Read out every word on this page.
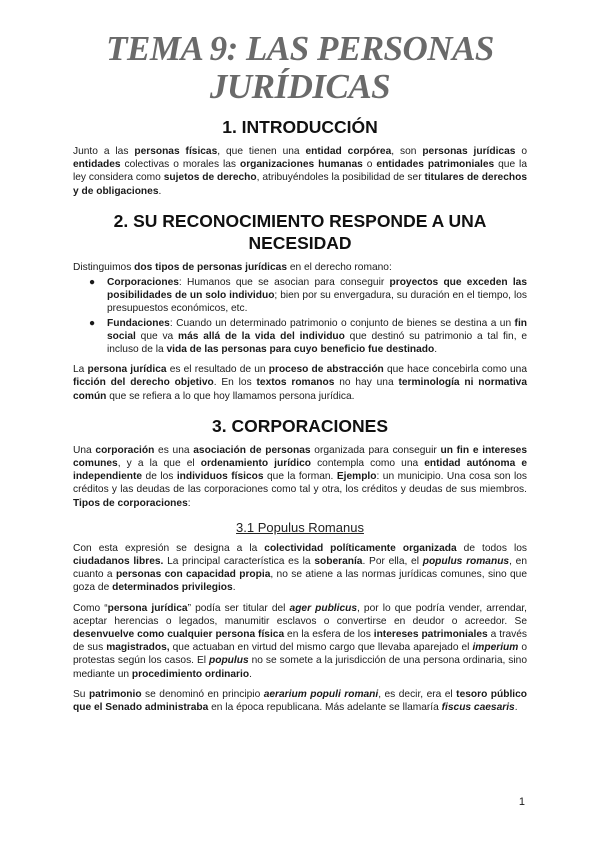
TEMA 9: LAS PERSONAS
JURÍDICAS
1. INTRODUCCIÓN

Junto a las personas físicas, que tienen una entidad corpórea, son personas jurídicas o entidades colectivas o morales las organizaciones humanas o entidades patrimoniales que la ley considera como sujetos de derecho, atribuyéndoles la posibilidad de ser titulares de derechos y de obligaciones.

2. SU RECONOCIMIENTO RESPONDE A UNA
NECESIDAD

Distinguimos dos tipos de personas jurídicas en el derecho romano:

● Corporaciones: Humanos que se asocian para conseguir proyectos que exceden las posibilidades de un solo individuo; bien por su envergadura, su duración en el tiempo, los presupuestos económicos, etc.
● Fundaciones: Cuando un determinado patrimonio o conjunto de bienes se destina a un fin social que va más allá de la vida del individuo que destinó su patrimonio a tal fin, e incluso de la vida de las personas para cuyo beneficio fue destinado.

La persona jurídica es el resultado de un proceso de abstracción que hace concebirla como una ficción del derecho objetivo. En los textos romanos no hay una terminología ni normativa común que se refiera a lo que hoy llamamos persona jurídica.

3. CORPORACIONES

Una corporación es una asociación de personas organizada para conseguir un fin e intereses comunes, y a la que el ordenamiento jurídico contempla como una entidad autónoma e independiente de los individuos físicos que la forman. Ejemplo: un municipio. Una cosa son los créditos y las deudas de las corporaciones como tal y otra, los créditos y deudas de sus miembros. Tipos de corporaciones:

3.1 Populus Romanus

Con esta expresión se designa a la colectividad políticamente organizada de todos los ciudadanos libres. La principal característica es la soberanía. Por ella, el populus romanus, en cuanto a personas con capacidad propia, no se atiene a las normas jurídicas comunes, sino que goza de determinados privilegios.

Como “persona jurídica” podía ser titular del ager publicus, por lo que podría vender, arrendar, aceptar herencias o legados, manumitir esclavos o convertirse en deudor o acreedor. Se desenvuelve como cualquier persona física en la esfera de los intereses patrimoniales a través de sus magistrados, que actuaban en virtud del mismo cargo que llevaba aparejado el imperium o protestas según los casos. El populus no se somete a la jurisdicción de una persona ordinaria, sino mediante un procedimiento ordinario.

Su patrimonio se denominó en principio aerarium populi romani, es decir, era el tesoro público que el Senado administraba en la época republicana. Más adelante se llamaría fiscus caesaris.

1
